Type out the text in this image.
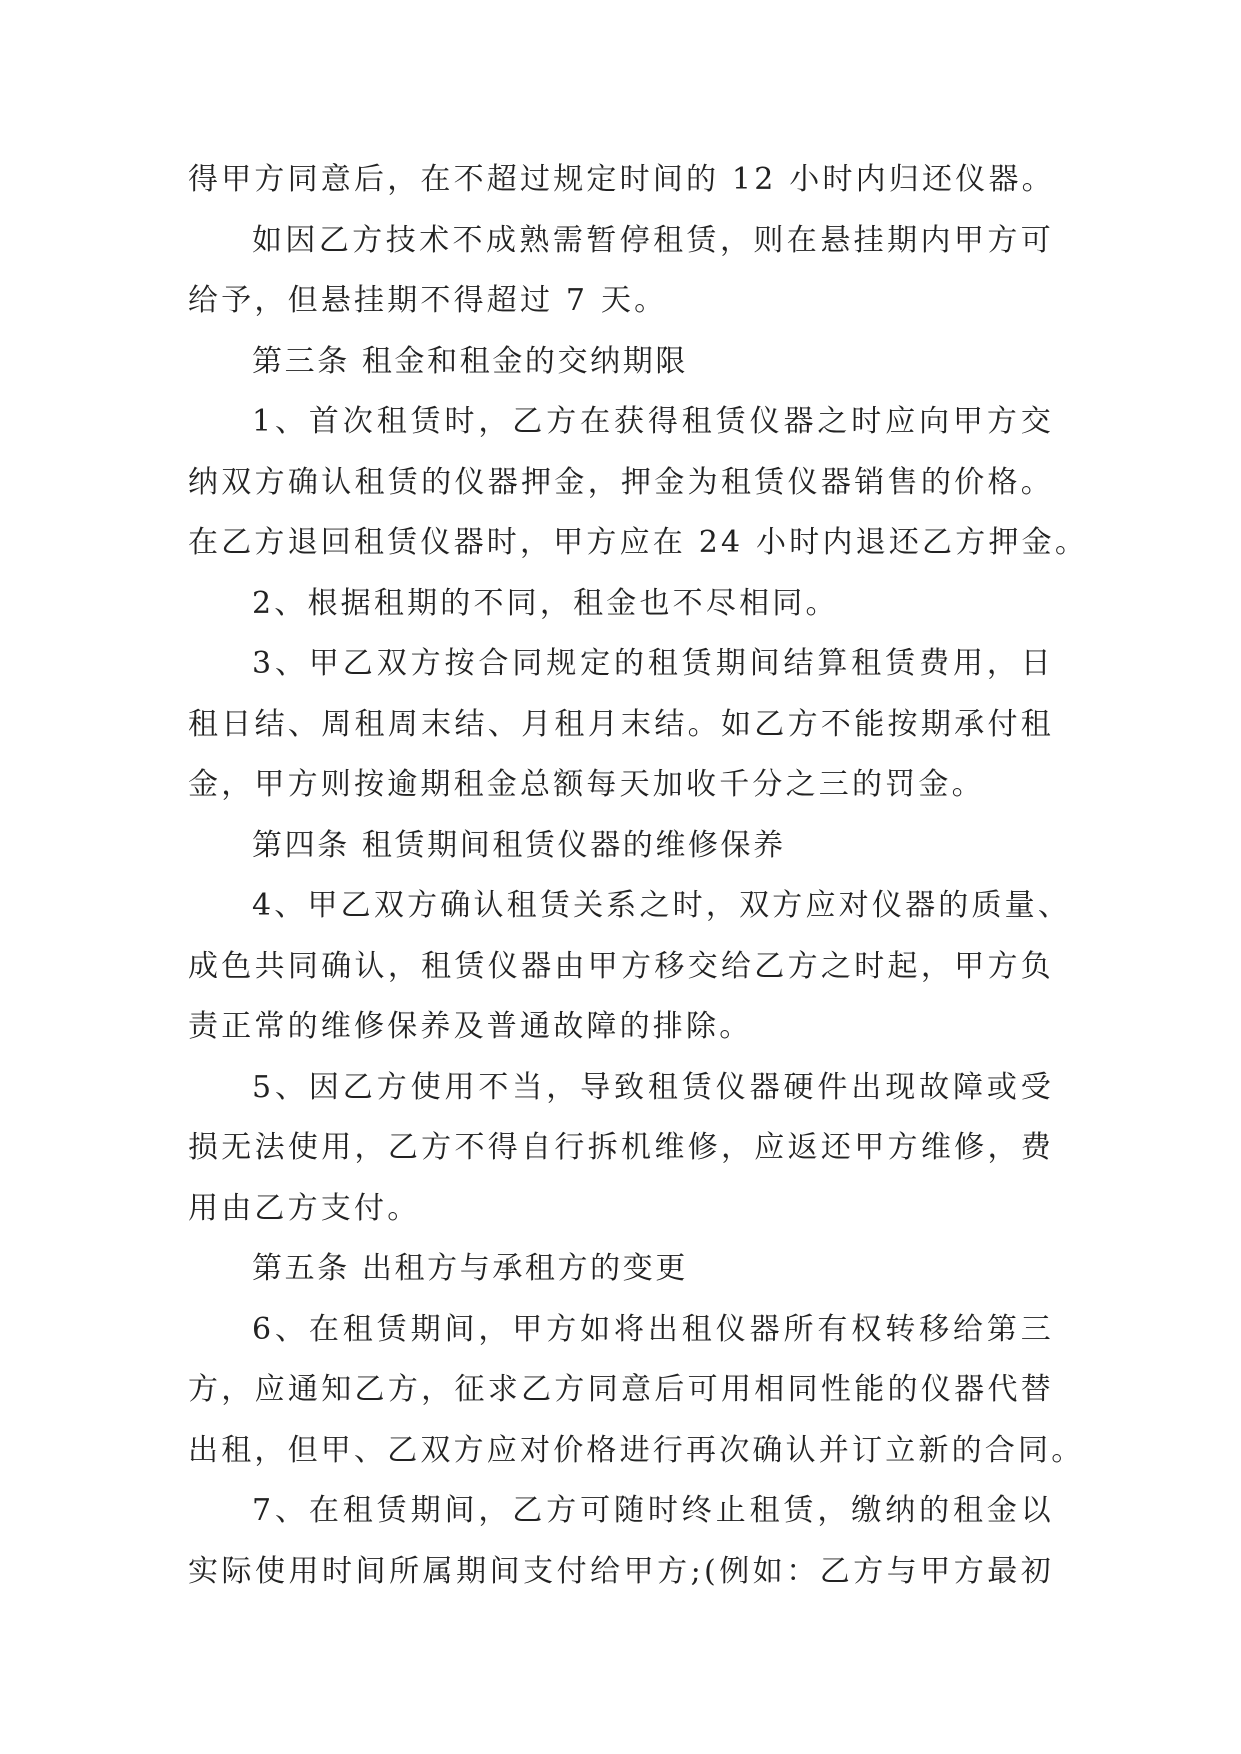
得甲方同意后，在不超过规定时间的 12 小时内归还仪器。
如因乙方技术不成熟需暂停租赁，则在悬挂期内甲方可
给予，但悬挂期不得超过 7 天。
第三条 租金和租金的交纳期限
1、首次租赁时，乙方在获得租赁仪器之时应向甲方交
纳双方确认租赁的仪器押金，押金为租赁仪器销售的价格。
在乙方退回租赁仪器时，甲方应在 24 小时内退还乙方押金。
2、根据租期的不同，租金也不尽相同。
3、甲乙双方按合同规定的租赁期间结算租赁费用，日
租日结、周租周末结、月租月末结。如乙方不能按期承付租
金，甲方则按逾期租金总额每天加收千分之三的罚金。
第四条 租赁期间租赁仪器的维修保养
4、甲乙双方确认租赁关系之时，双方应对仪器的质量、
成色共同确认，租赁仪器由甲方移交给乙方之时起，甲方负
责正常的维修保养及普通故障的排除。
5、因乙方使用不当，导致租赁仪器硬件出现故障或受
损无法使用，乙方不得自行拆机维修，应返还甲方维修，费
用由乙方支付。
第五条 出租方与承租方的变更
6、在租赁期间，甲方如将出租仪器所有权转移给第三
方，应通知乙方，征求乙方同意后可用相同性能的仪器代替
出租，但甲、乙双方应对价格进行再次确认并订立新的合同。
7、在租赁期间，乙方可随时终止租赁，缴纳的租金以
实际使用时间所属期间支付给甲方;(例如：乙方与甲方最初
